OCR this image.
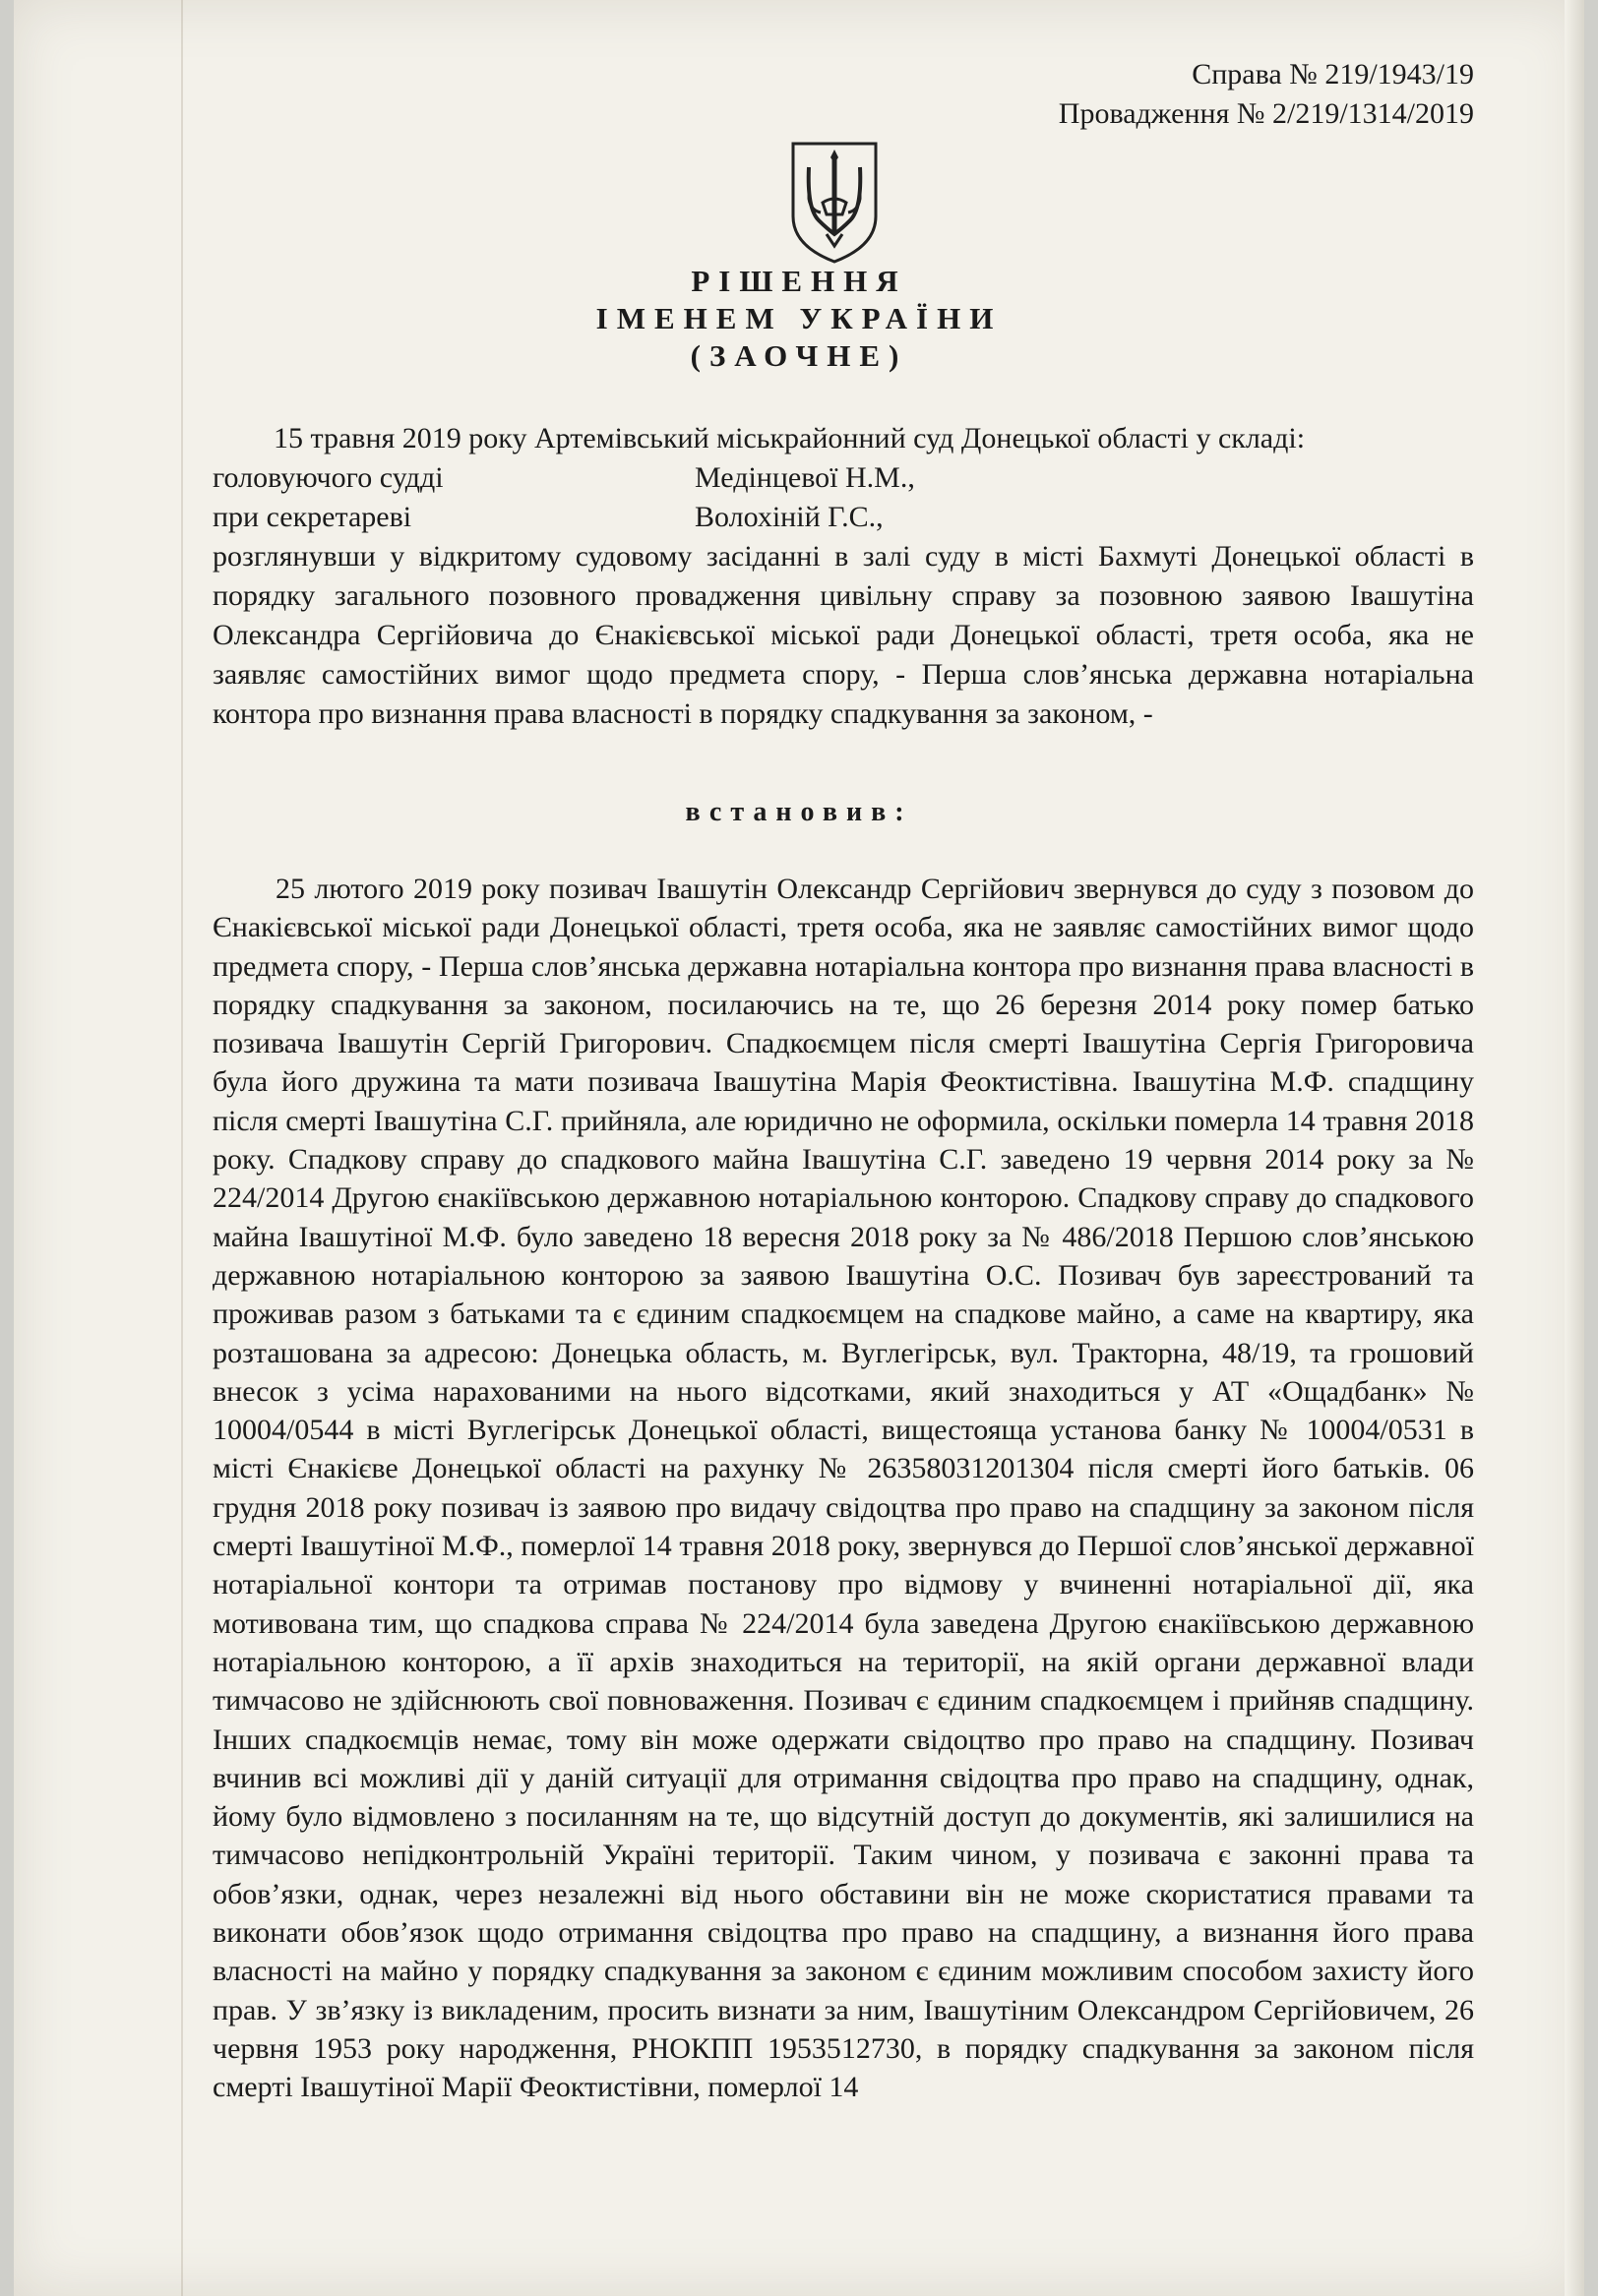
Справа № 219/1943/19
Провадження № 2/219/1314/2019
РІШЕННЯ
ІМЕНЕМ УКРАЇНИ
(ЗАОЧНЕ)
15 травня 2019 року Артемівський міськрайонний суд Донецької області у складі:
головуючого судді	Медінцевої Н.М.,
при секретареві	Волохіній Г.С.,
розглянувши у відкритому судовому засіданні в залі суду в місті Бахмуті Донецької області в порядку загального позовного провадження цивільну справу за позовною заявою Івашутіна Олександра Сергійовича до Єнакієвської міської ради Донецької області, третя особа, яка не заявляє самостійних вимог щодо предмета спору, - Перша слов’янська державна нотаріальна контора про визнання права власності в порядку спадкування за законом, -
встановив:
25 лютого 2019 року позивач Івашутін Олександр Сергійович звернувся до суду з позовом до Єнакієвської міської ради Донецької області, третя особа, яка не заявляє самостійних вимог щодо предмета спору, - Перша слов’янська державна нотаріальна контора про визнання права власності в порядку спадкування за законом, посилаючись на те, що 26 березня 2014 року помер батько позивача Івашутін Сергій Григорович. Спадкоємцем після смерті Івашутіна Сергія Григоровича була його дружина та мати позивача Івашутіна Марія Феоктистівна. Івашутіна М.Ф. спадщину після смерті Івашутіна С.Г. прийняла, але юридично не оформила, оскільки померла 14 травня 2018 року. Спадкову справу до спадкового майна Івашутіна С.Г. заведено 19 червня 2014 року за № 224/2014 Другою єнакіївською державною нотаріальною конторою. Спадкову справу до спадкового майна Івашутіної М.Ф. було заведено 18 вересня 2018 року за № 486/2018 Першою слов’янською державною нотаріальною конторою за заявою Івашутіна О.С. Позивач був зареєстрований та проживав разом з батьками та є єдиним спадкоємцем на спадкове майно, а саме на квартиру, яка розташована за адресою: Донецька область, м. Вуглегірськ, вул. Тракторна, 48/19, та грошовий внесок з усіма нарахованими на нього відсотками, який знаходиться у АТ «Ощадбанк» № 10004/0544 в місті Вуглегірськ Донецької області, вищестояща установа банку № 10004/0531 в місті Єнакієве Донецької області на рахунку № 26358031201304 після смерті його батьків. 06 грудня 2018 року позивач із заявою про видачу свідоцтва про право на спадщину за законом після смерті Івашутіної М.Ф., померлої 14 травня 2018 року, звернувся до Першої слов’янської державної нотаріальної контори та отримав постанову про відмову у вчиненні нотаріальної дії, яка мотивована тим, що спадкова справа № 224/2014 була заведена Другою єнакіївською державною нотаріальною конторою, а її архів знаходиться на території, на якій органи державної влади тимчасово не здійснюють свої повноваження. Позивач є єдиним спадкоємцем і прийняв спадщину. Інших спадкоємців немає, тому він може одержати свідоцтво про право на спадщину. Позивач вчинив всі можливі дії у даній ситуації для отримання свідоцтва про право на спадщину, однак, йому було відмовлено з посиланням на те, що відсутній доступ до документів, які залишилися на тимчасово непідконтрольній Україні території. Таким чином, у позивача є законні права та обов’язки, однак, через незалежні від нього обставини він не може скористатися правами та виконати обов’язок щодо отримання свідоцтва про право на спадщину, а визнання його права власності на майно у порядку спадкування за законом є єдиним можливим способом захисту його прав. У зв’язку із викладеним, просить визнати за ним, Івашутіним Олександром Сергійовичем, 26 червня 1953 року народження, РНОКПП 1953512730, в порядку спадкування за законом після смерті Івашутіної Марії Феоктистівни, померлої 14
